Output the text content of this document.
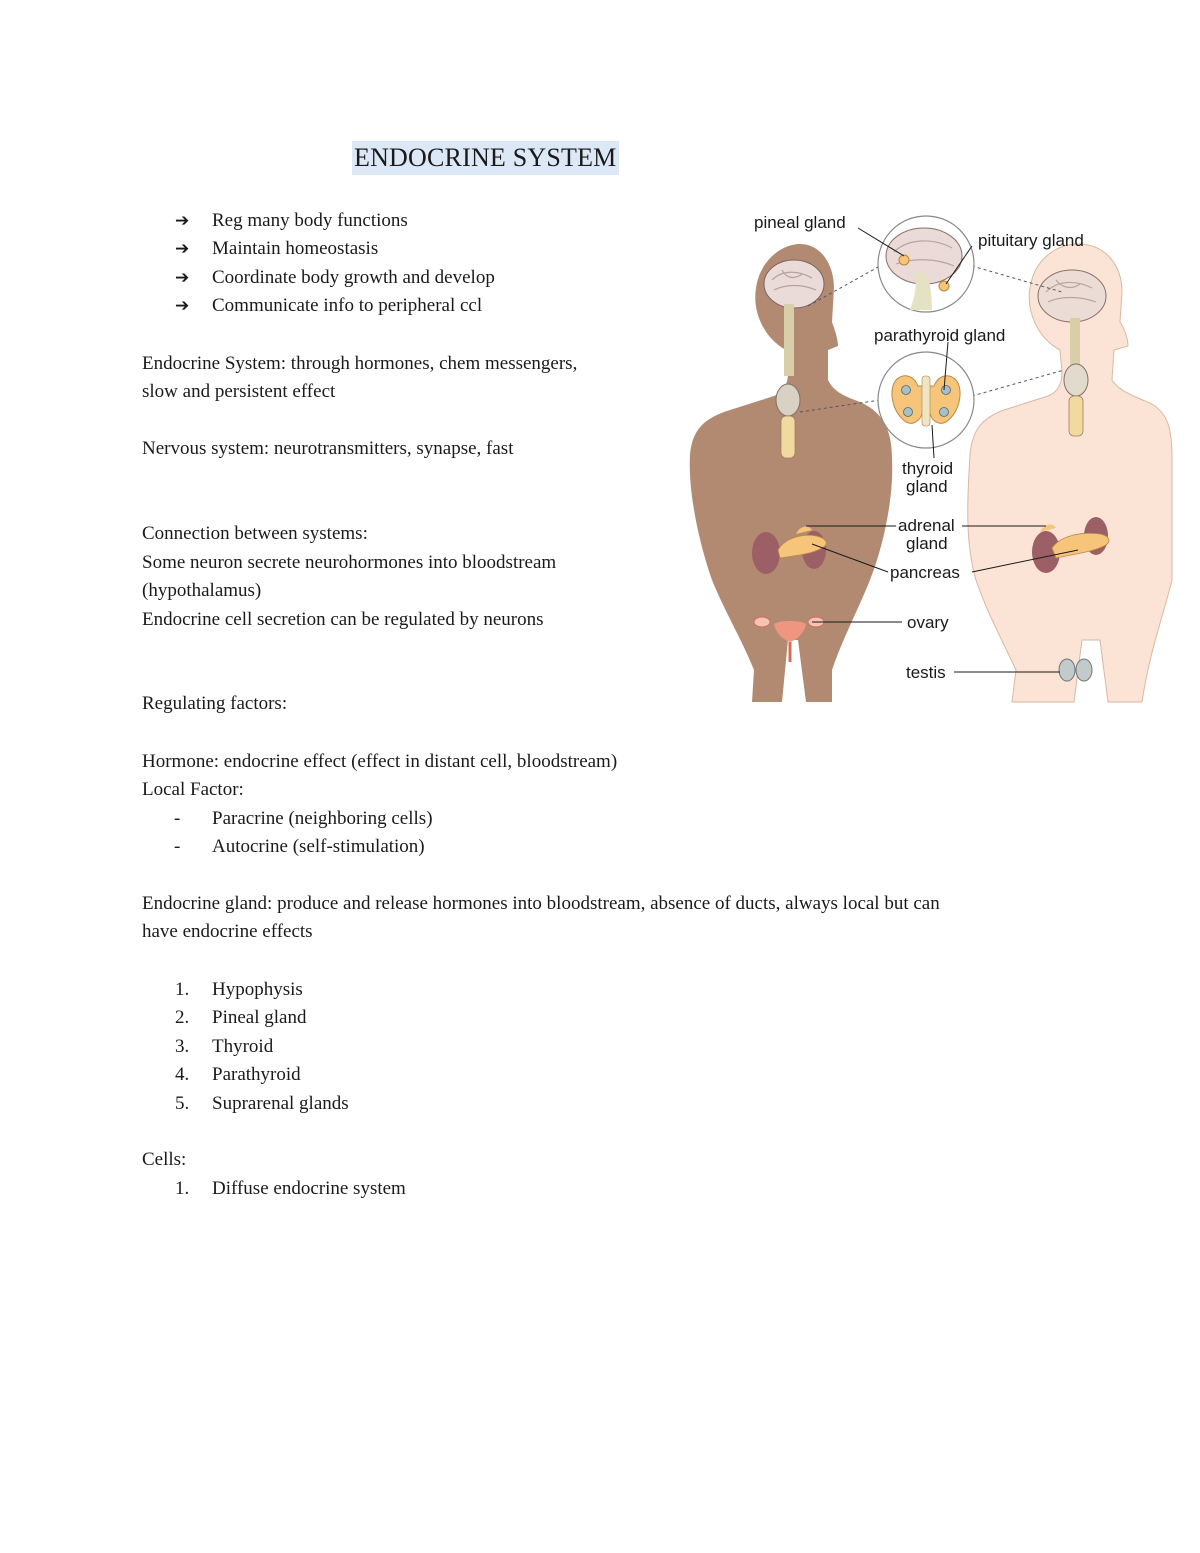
ENDOCRINE SYSTEM
➔	Reg many body functions
➔	Maintain homeostasis
➔	Coordinate body growth and develop
➔	Communicate info to peripheral ccl
Endocrine System: through hormones, chem messengers,
slow and persistent effect
Nervous system: neurotransmitters, synapse, fast
Connection between systems:
Some neuron secrete neurohormones into bloodstream
(hypothalamus)
Endocrine cell secretion can be regulated by neurons
Regulating factors:
Hormone: endocrine effect (effect in distant cell, bloodstream)
Local Factor:
- Paracrine (neighboring cells)
- Autocrine (self-stimulation)
Endocrine gland: produce and release hormones into bloodstream, absence of ducts, always local but can
have endocrine effects
1. Hypophysis
2. Pineal gland
3. Thyroid
4. Parathyroid
5. Suprarenal glands
Cells:
1. Diffuse endocrine system
pineal gland
pituitary gland
parathyroid gland
thyroid
gland
adrenal
gland
pancreas
ovary
testis
